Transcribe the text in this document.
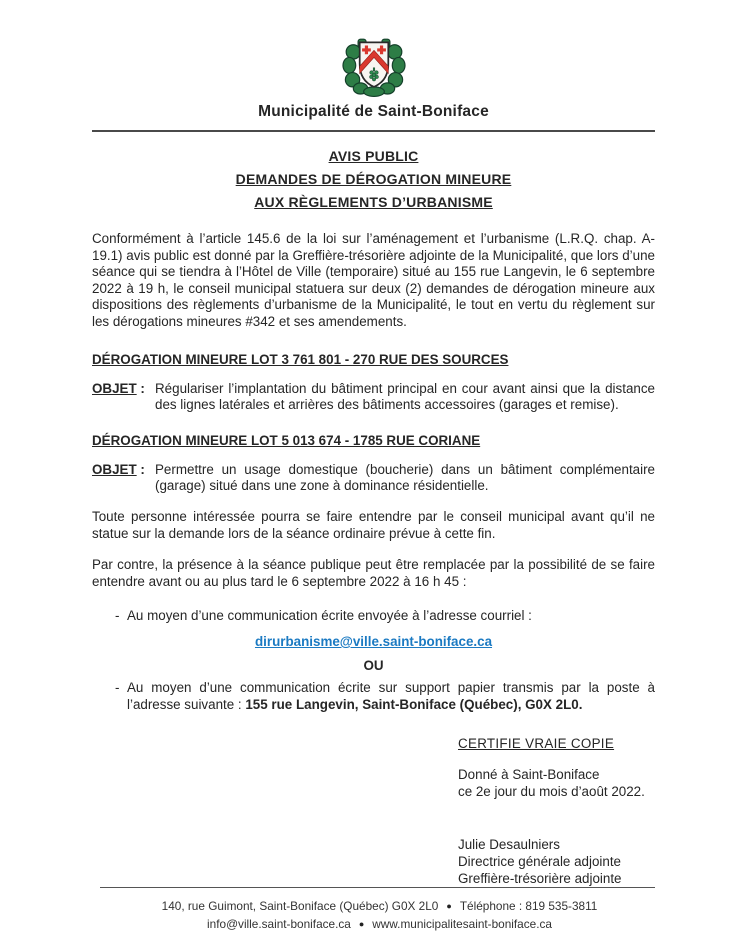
Municipalité de Saint-Boniface
AVIS PUBLIC
DEMANDES DE DÉROGATION MINEURE
AUX RÈGLEMENTS D’URBANISME
Conformément à l’article 145.6 de la loi sur l’aménagement et l’urbanisme (L.R.Q. chap. A-19.1) avis public est donné par la Greffière-trésorière adjointe de la Municipalité, que lors d’une séance qui se tiendra à l’Hôtel de Ville (temporaire) situé au 155 rue Langevin, le 6 septembre 2022 à 19 h, le conseil municipal statuera sur deux (2) demandes de dérogation mineure aux dispositions des règlements d’urbanisme de la Municipalité, le tout en vertu du règlement sur les dérogations mineures #342 et ses amendements.
DÉROGATION MINEURE LOT 3 761 801 - 270 RUE DES SOURCES
OBJET : Régulariser l’implantation du bâtiment principal en cour avant ainsi que la distance des lignes latérales et arrières des bâtiments accessoires (garages et remise).
DÉROGATION MINEURE LOT 5 013 674 - 1785 RUE CORIANE
OBJET : Permettre un usage domestique (boucherie) dans un bâtiment complémentaire (garage) situé dans une zone à dominance résidentielle.
Toute personne intéressée pourra se faire entendre par le conseil municipal avant qu’il ne statue sur la demande lors de la séance ordinaire prévue à cette fin.
Par contre, la présence à la séance publique peut être remplacée par la possibilité de se faire entendre avant ou au plus tard le 6 septembre 2022 à 16 h 45 :
- Au moyen d’une communication écrite envoyée à l’adresse courriel :
dirurbanisme@ville.saint-boniface.ca
OU
- Au moyen d’une communication écrite sur support papier transmis par la poste à l’adresse suivante : 155 rue Langevin, Saint-Boniface (Québec), G0X 2L0.
CERTIFIE VRAIE COPIE
Donné à Saint-Boniface
ce 2e jour du mois d’août 2022.
Julie Desaulniers
Directrice générale adjointe
Greffière-trésorière adjointe
140, rue Guimont, Saint-Boniface (Québec) G0X 2L0 ● Téléphone : 819 535-3811
info@ville.saint-boniface.ca ● www.municipalitesaint-boniface.ca
